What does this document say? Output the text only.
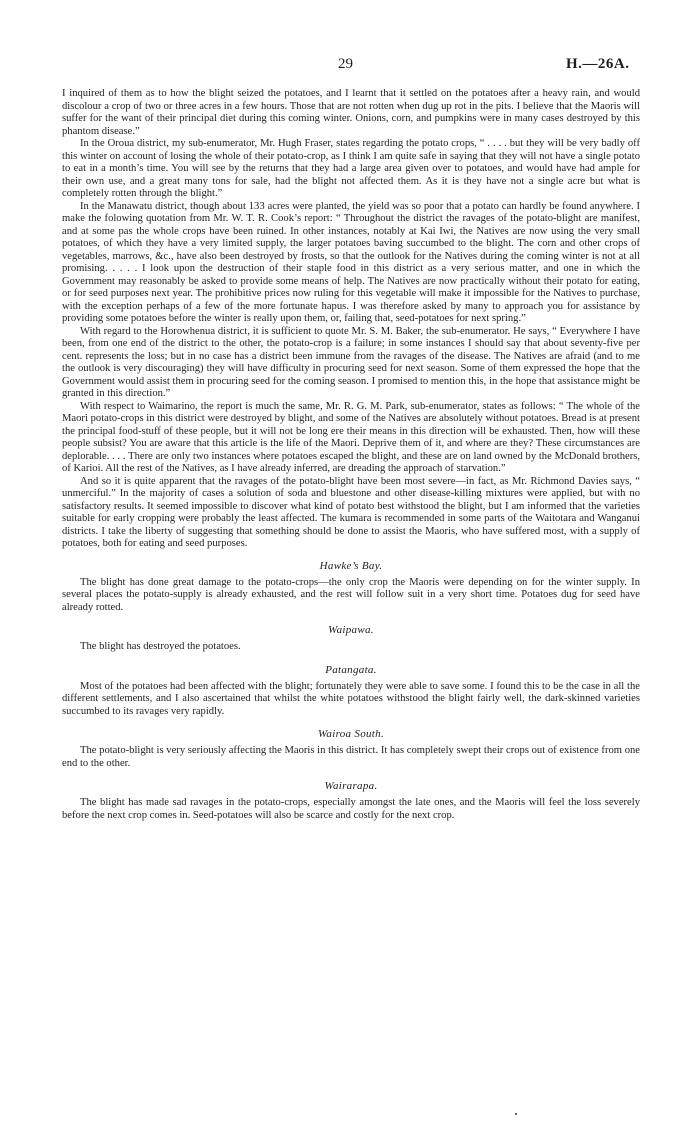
29	H.—26A.

I inquired of them as to how the blight seized the potatoes, and I learnt that it settled on the potatoes after a heavy rain, and would discolour a crop of two or three acres in a few hours. Those that are not rotten when dug up rot in the pits. I believe that the Maoris will suffer for the want of their principal diet during this coming winter. Onions, corn, and pumpkins were in many cases destroyed by this phantom disease.”

In the Oroua district, my sub-enumerator, Mr. Hugh Fraser, states regarding the potato crops, “ . . . . but they will be very badly off this winter on account of losing the whole of their potato-crop, as I think I am quite safe in saying that they will not have a single potato to eat in a month’s time. You will see by the returns that they had a large area given over to potatoes, and would have had ample for their own use, and a great many tons for sale, had the blight not affected them. As it is they have not a single acre but what is completely rotten through the blight.”

In the Manawatu district, though about 133 acres were planted, the yield was so poor that a potato can hardly be found anywhere. I make the folowing quotation from Mr. W. T. R. Cook’s report: “ Throughout the district the ravages of the potato-blight are manifest, and at some pas the whole crops have been ruined. In other instances, notably at Kai Iwi, the Natives are now using the very small potatoes, of which they have a very limited supply, the larger potatoes baving succumbed to the blight. The corn and other crops of vegetables, marrows, &c., have also been destroyed by frosts, so that the outlook for the Natives during the coming winter is not at all promising. . . . . I look upon the destruction of their staple food in this district as a very serious matter, and one in which the Government may reasonably be asked to provide some means of help. The Natives are now practically without their potato for eating, or for seed purposes next year. The prohibitive prices now ruling for this vegetable will make it impossible for the Natives to purchase, with the exception perhaps of a few of the more fortunate hapus. I was therefore asked by many to approach you for assistance by providing some potatoes before the winter is really upon them, or, failing that, seed-potatoes for next spring.”

With regard to the Horowhenua district, it is sufficient to quote Mr. S. M. Baker, the sub-enumerator. He says, “ Everywhere I have been, from one end of the district to the other, the potato-crop is a failure; in some instances I should say that about seventy-five per cent. represents the loss; but in no case has a district been immune from the ravages of the disease. The Natives are afraid (and to me the outlook is very discouraging) they will have difficulty in procuring seed for next season. Some of them expressed the hope that the Government would assist them in procuring seed for the coming season. I promised to mention this, in the hope that assistance might be granted in this direction.”

With respect to Waimarino, the report is much the same, Mr. R. G. M. Park, sub-enumerator, states as follows: “ The whole of the Maori potato-crops in this district were destroyed by blight, and some of the Natives are absolutely without potatoes. Bread is at present the principal food-stuff of these people, but it will not be long ere their means in this direction will be exhausted. Then, how will these people subsist? You are aware that this article is the life of the Maori. Deprive them of it, and where are they? These circumstances are deplorable. . . . There are only two instances where potatoes escaped the blight, and these are on land owned by the McDonald brothers, of Karioi. All the rest of the Natives, as I have already inferred, are dreading the approach of starvation.”

And so it is quite apparent that the ravages of the potato-blight have been most severe—in fact, as Mr. Richmond Davies says, “ unmerciful.” In the majority of cases a solution of soda and bluestone and other disease-killing mixtures were applied, but with no satisfactory results. It seemed impossible to discover what kind of potato best withstood the blight, but I am informed that the varieties suitable for early cropping were probably the least affected. The kumara is recommended in some parts of the Waitotara and Wanganui districts. I take the liberty of suggesting that something should be done to assist the Maoris, who have suffered most, with a supply of potatoes, both for eating and seed purposes.

Hawke’s Bay.

The blight has done great damage to the potato-crops—the only crop the Maoris were depending on for the winter supply. In several places the potato-supply is already exhausted, and the rest will follow suit in a very short time. Potatoes dug for seed have already rotted.

Waipawa.

The blight has destroyed the potatoes.

Patangata.

Most of the potatoes had been affected with the blight; fortunately they were able to save some. I found this to be the case in all the different settlements, and I also ascertained that whilst the white potatoes withstood the blight fairly well, the dark-skinned varieties succumbed to its ravages very rapidly.

Wairoa South.

The potato-blight is very seriously affecting the Maoris in this district. It has completely swept their crops out of existence from one end to the other.

Wairarapa.

The blight has made sad ravages in the potato-crops, especially amongst the late ones, and the Maoris will feel the loss severely before the next crop comes in. Seed-potatoes will also be scarce and costly for the next crop.
